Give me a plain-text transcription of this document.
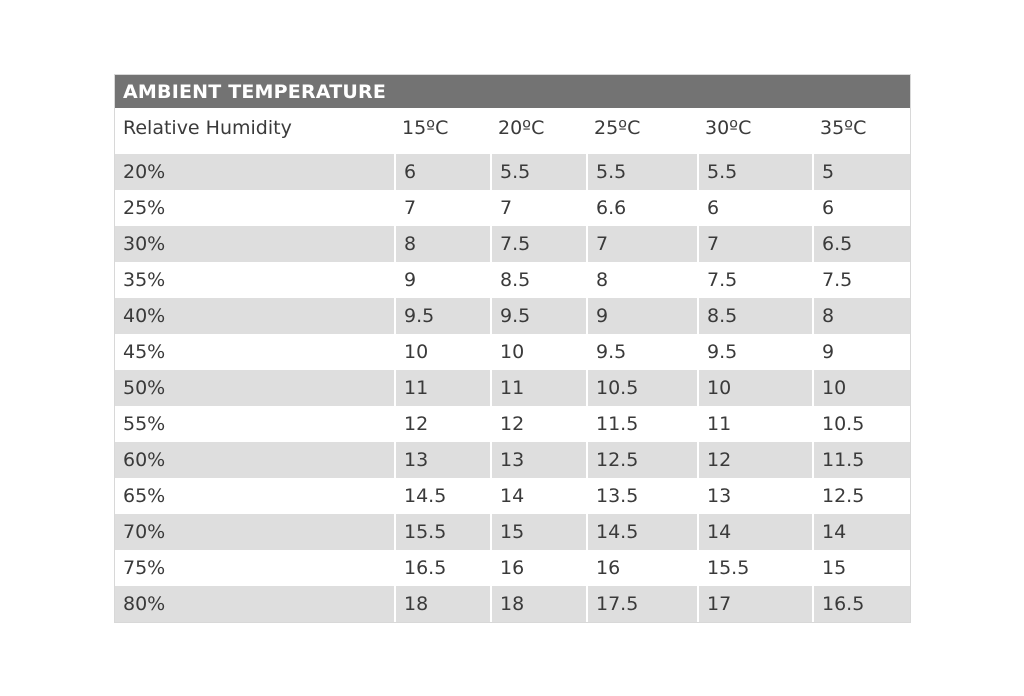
AMBIENT TEMPERATURE
Relative Humidity	15ºC	20ºC	25ºC	30ºC	35ºC
20%	6	5.5	5.5	5.5	5
25%	7	7	6.6	6	6
30%	8	7.5	7	7	6.5
35%	9	8.5	8	7.5	7.5
40%	9.5	9.5	9	8.5	8
45%	10	10	9.5	9.5	9
50%	11	11	10.5	10	10
55%	12	12	11.5	11	10.5
60%	13	13	12.5	12	11.5
65%	14.5	14	13.5	13	12.5
70%	15.5	15	14.5	14	14
75%	16.5	16	16	15.5	15
80%	18	18	17.5	17	16.5
